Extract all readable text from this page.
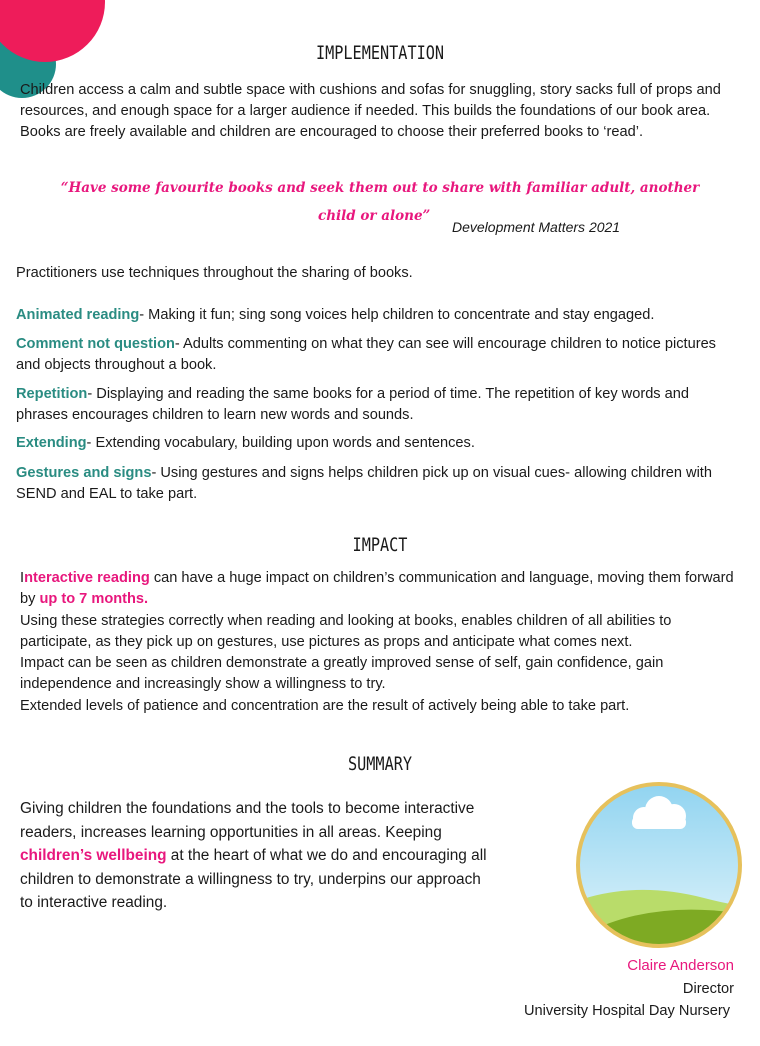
IMPLEMENTATION
Children access a calm and subtle space with cushions and sofas for snuggling, story sacks full of props and resources, and enough space for a larger audience if needed. This builds the foundations of our book area. Books are freely available and children are encouraged to choose their preferred books to ‘read’.
“Have some favourite books and seek them out to share with familiar adult, another
child or alone”
Development Matters 2021
Practitioners use techniques throughout the sharing of books.
Animated reading- Making it fun; sing song voices help children to concentrate and stay engaged.
Comment not question- Adults commenting on what they can see will encourage children to notice pictures and objects throughout a book.
Repetition- Displaying and reading the same books for a period of time. The repetition of key words and phrases encourages children to learn new words and sounds.
Extending- Extending vocabulary, building upon words and sentences.
Gestures and signs- Using gestures and signs helps children pick up on visual cues- allowing children with SEND and EAL to take part.
IMPACT
Interactive reading can have a huge impact on children’s communication and language, moving them forward by up to 7 months.
Using these strategies correctly when reading and looking at books, enables children of all abilities to participate, as they pick up on gestures, use pictures as props and anticipate what comes next.
Impact can be seen as children demonstrate a greatly improved sense of self, gain confidence, gain independence and increasingly show a willingness to try.
Extended levels of patience and concentration are the result of actively being able to take part.
SUMMARY
Giving children the foundations and the tools to become interactive readers, increases learning opportunities in all areas. Keeping children’s wellbeing at the heart of what we do and encouraging all children to demonstrate a willingness to try, underpins our approach to interactive reading.
Claire Anderson
Director
University Hospital Day Nursery
